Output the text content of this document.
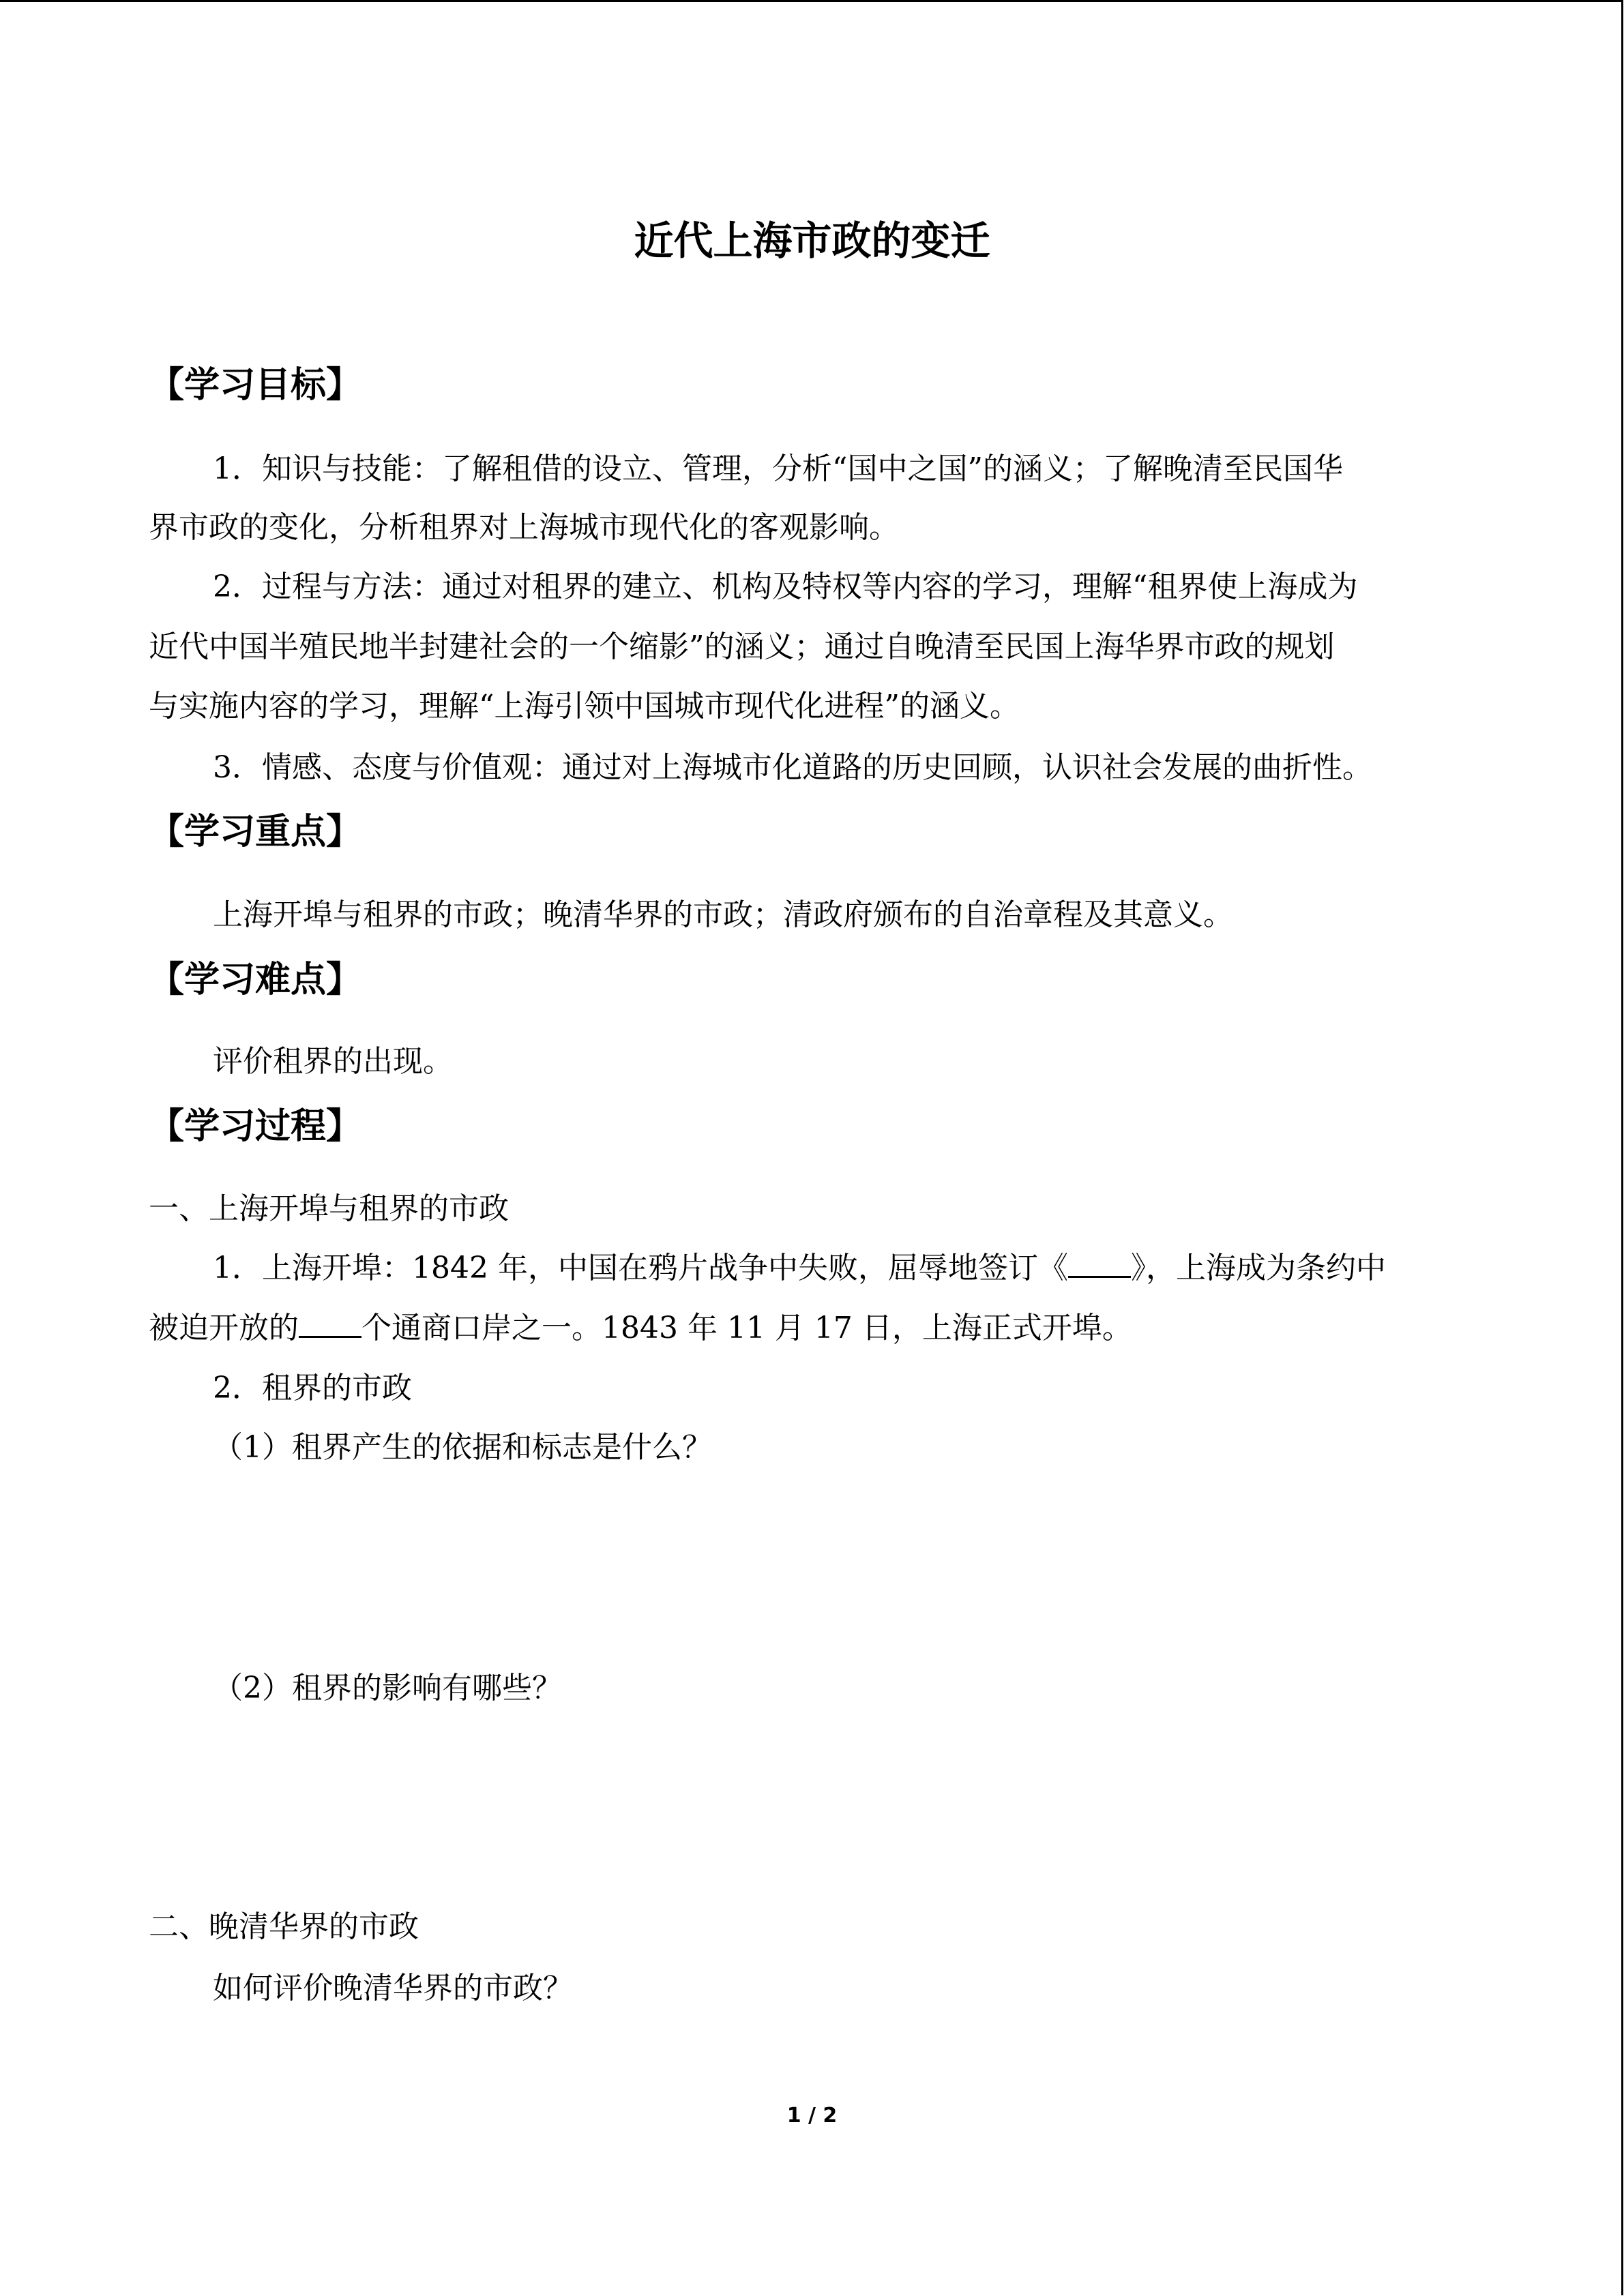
近代上海市政的变迁
【学习目标】
1．知识与技能：了解租借的设立、管理，分析“国中之国”的涵义；了解晚清至民国华
界市政的变化，分析租界对上海城市现代化的客观影响。
2．过程与方法：通过对租界的建立、机构及特权等内容的学习，理解“租界使上海成为
近代中国半殖民地半封建社会的一个缩影”的涵义；通过自晚清至民国上海华界市政的规划
与实施内容的学习，理解“上海引领中国城市现代化进程”的涵义。
3．情感、态度与价值观：通过对上海城市化道路的历史回顾，认识社会发展的曲折性。
【学习重点】
上海开埠与租界的市政；晚清华界的市政；清政府颁布的自治章程及其意义。
【学习难点】
评价租界的出现。
【学习过程】
一、上海开埠与租界的市政
1．上海开埠：1842 年，中国在鸦片战争中失败，屈辱地签订《 》，上海成为条约中
被迫开放的 个通商口岸之一。1843 年 11 月 17 日，上海正式开埠。
2．租界的市政
（1）租界产生的依据和标志是什么？
（2）租界的影响有哪些？
二、晚清华界的市政
如何评价晚清华界的市政？
1 / 2
